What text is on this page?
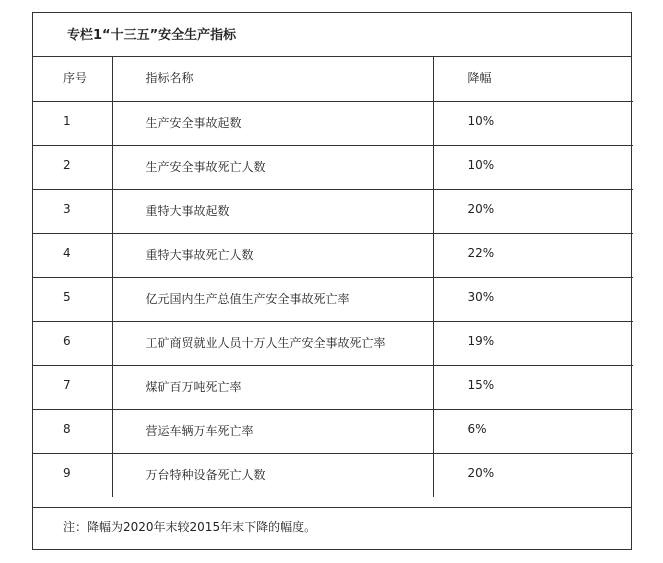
专栏1“十三五”安全生产指标
序号	指标名称	降幅

1	生产安全事故起数	10%

2	生产安全事故死亡人数	10%

3	重特大事故起数	20%

4	重特大事故死亡人数	22%

5	亿元国内生产总值生产安全事故死亡率	30%

6	工矿商贸就业人员十万人生产安全事故死亡率	19%

7	煤矿百万吨死亡率	15%

8	营运车辆万车死亡率	6%

9	万台特种设备死亡人数	20%
注：降幅为2020年末较2015年末下降的幅度。
